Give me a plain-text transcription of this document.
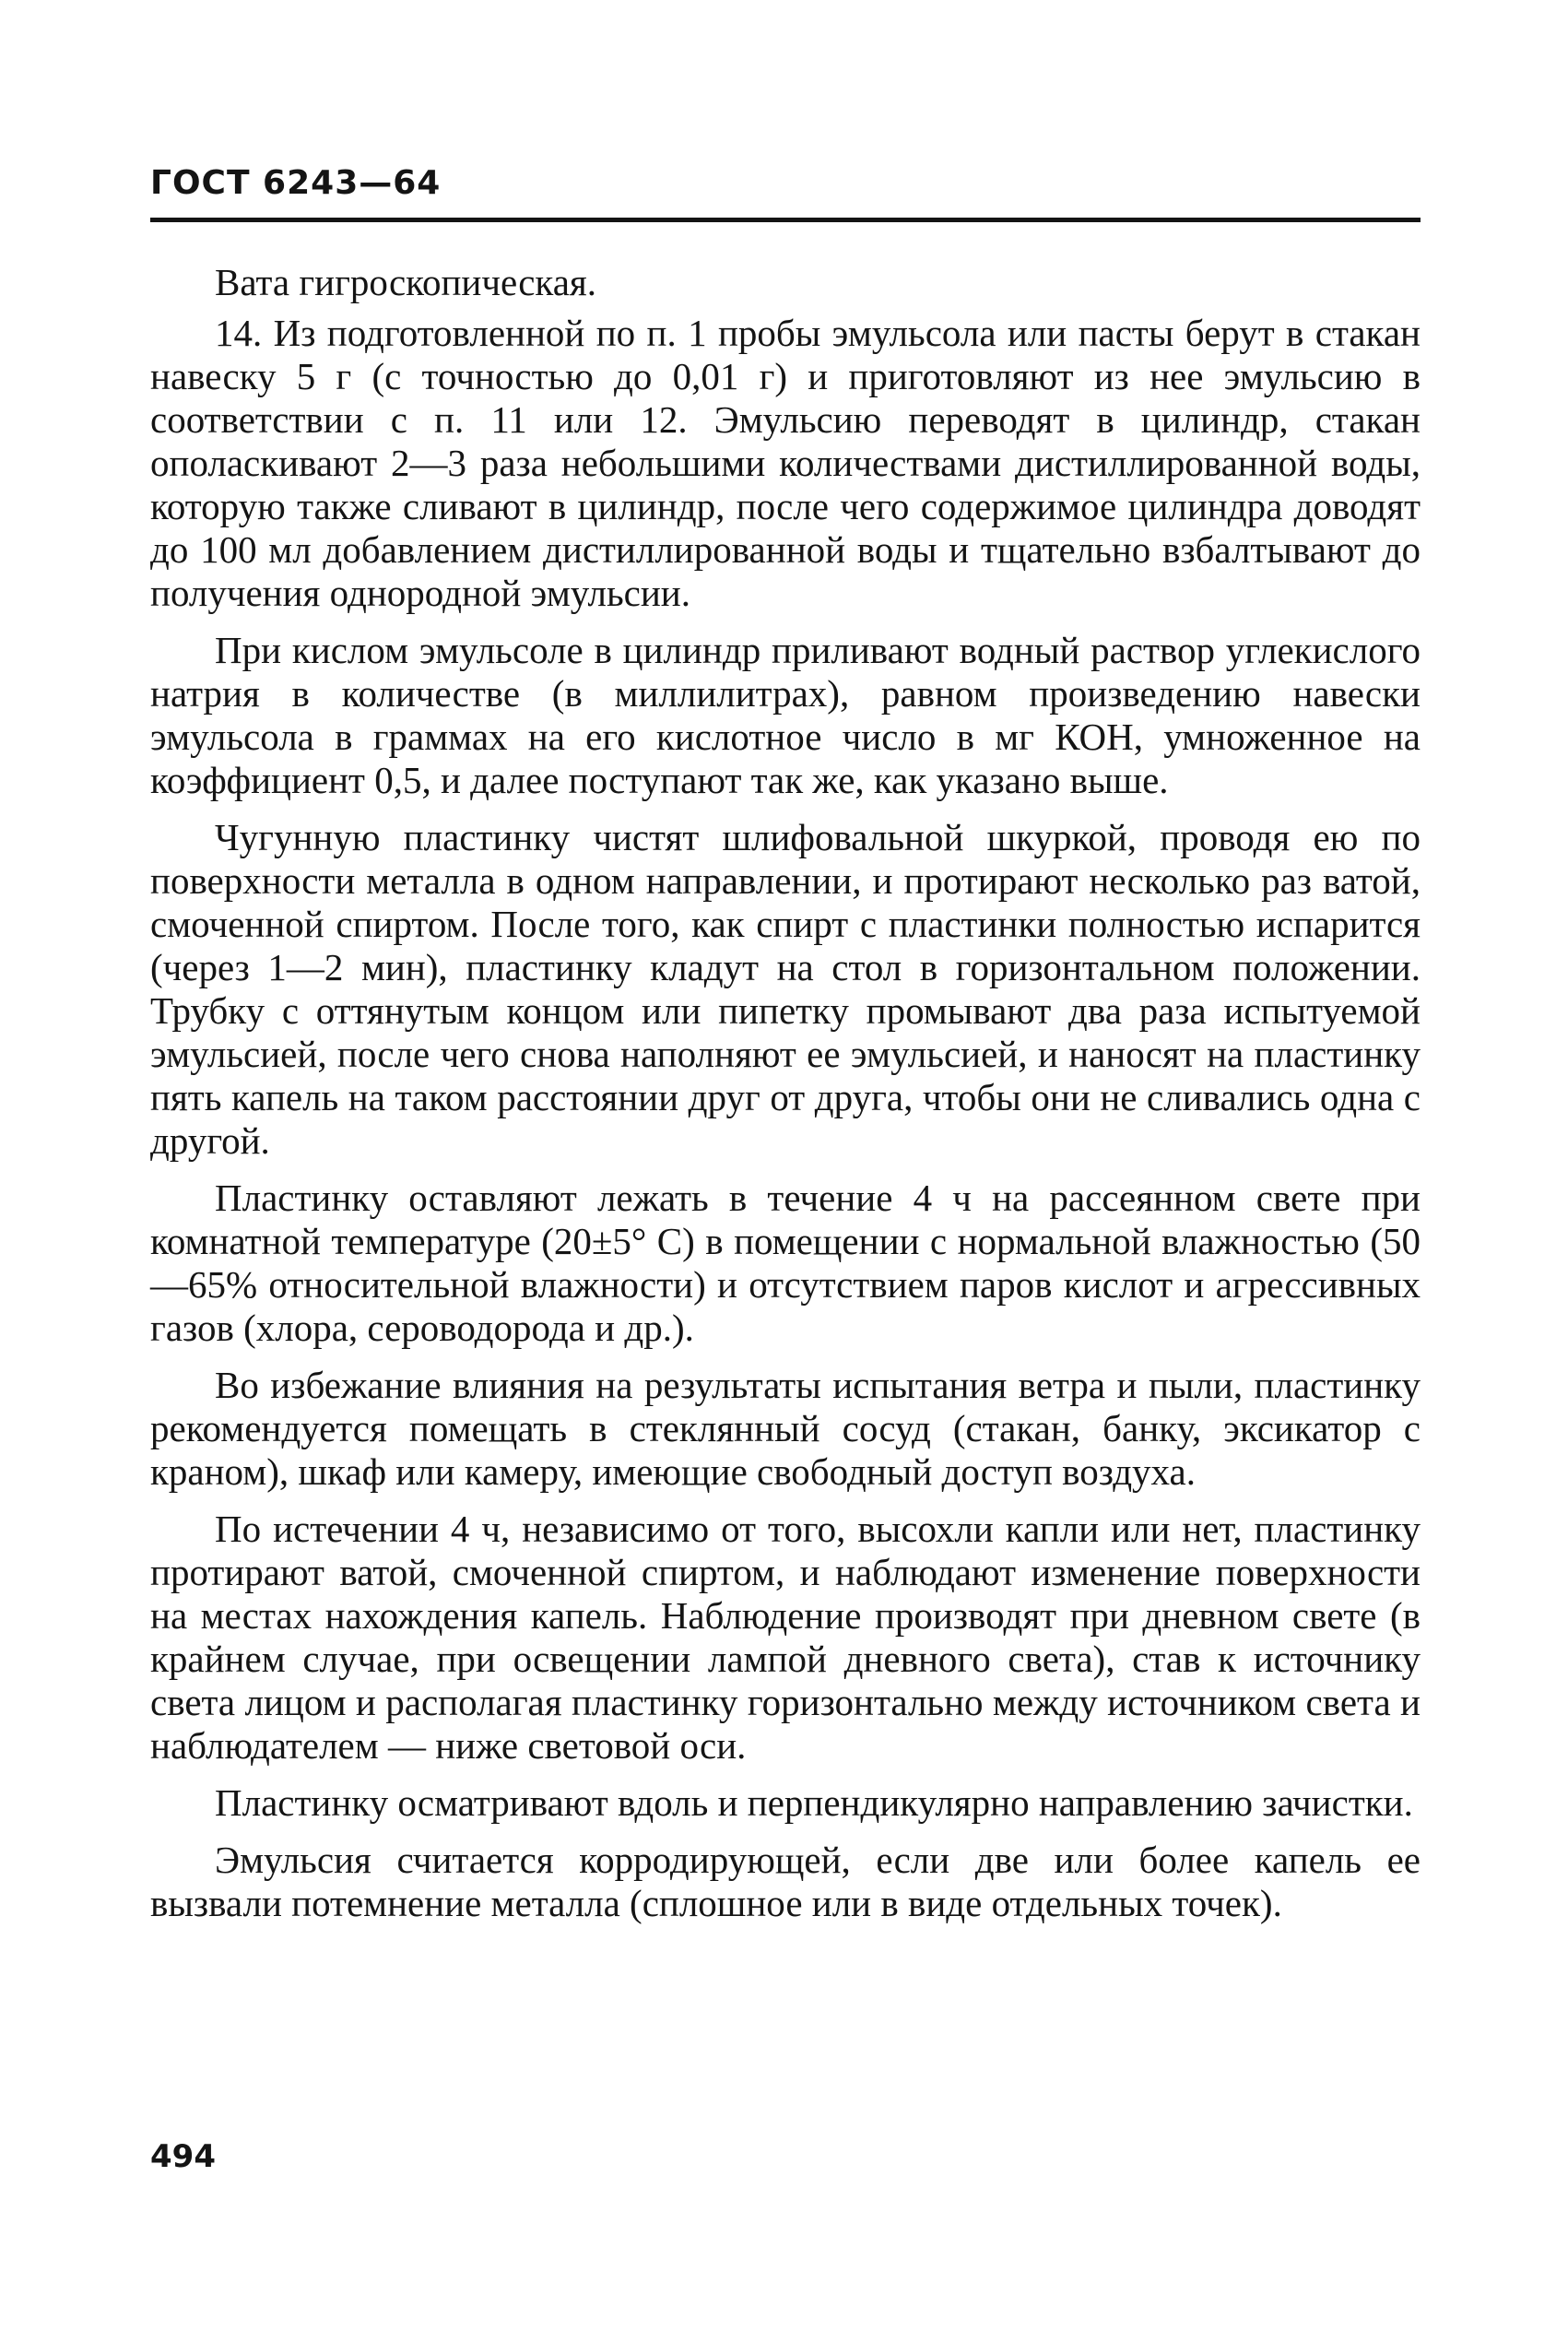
ГОСТ 6243—64

Вата гигроскопическая.

14. Из подготовленной по п. 1 пробы эмульсола или пасты берут в стакан навеску 5 г (с точностью до 0,01 г) и приготовляют из нее эмульсию в соответствии с п. 11 или 12. Эмульсию переводят в цилиндр, стакан ополаскивают 2—3 раза небольшими количествами дистиллированной воды, которую также сливают в цилиндр, после чего содержимое цилиндра доводят до 100 мл добавлением дистиллированной воды и тщательно взбалтывают до получения однородной эмульсии.

При кислом эмульсоле в цилиндр приливают водный раствор углекислого натрия в количестве (в миллилитрах), равном произведению навески эмульсола в граммах на его кислотное число в мг КОН, умноженное на коэффициент 0,5, и далее поступают так же, как указано выше.

Чугунную пластинку чистят шлифовальной шкуркой, проводя ею по поверхности металла в одном направлении, и протирают несколько раз ватой, смоченной спиртом. После того, как спирт с пластинки полностью испарится (через 1—2 мин), пластинку кладут на стол в горизонтальном положении. Трубку с оттянутым концом или пипетку промывают два раза испытуемой эмульсией, после чего снова наполняют ее эмульсией, и наносят на пластинку пять капель на таком расстоянии друг от друга, чтобы они не сливались одна с другой.

Пластинку оставляют лежать в течение 4 ч на рассеянном свете при комнатной температуре (20±5° С) в помещении с нормальной влажностью (50—65% относительной влажности) и отсутствием паров кислот и агрессивных газов (хлора, сероводорода и др.).

Во избежание влияния на результаты испытания ветра и пыли, пластинку рекомендуется помещать в стеклянный сосуд (стакан, банку, эксикатор с краном), шкаф или камеру, имеющие свободный доступ воздуха.

По истечении 4 ч, независимо от того, высохли капли или нет, пластинку протирают ватой, смоченной спиртом, и наблюдают изменение поверхности на местах нахождения капель. Наблюдение производят при дневном свете (в крайнем случае, при освещении лампой дневного света), став к источнику света лицом и располагая пластинку горизонтально между источником света и наблюдателем — ниже световой оси.

Пластинку осматривают вдоль и перпендикулярно направлению зачистки.

Эмульсия считается корродирующей, если две или более капель ее вызвали потемнение металла (сплошное или в виде отдельных точек).

494
